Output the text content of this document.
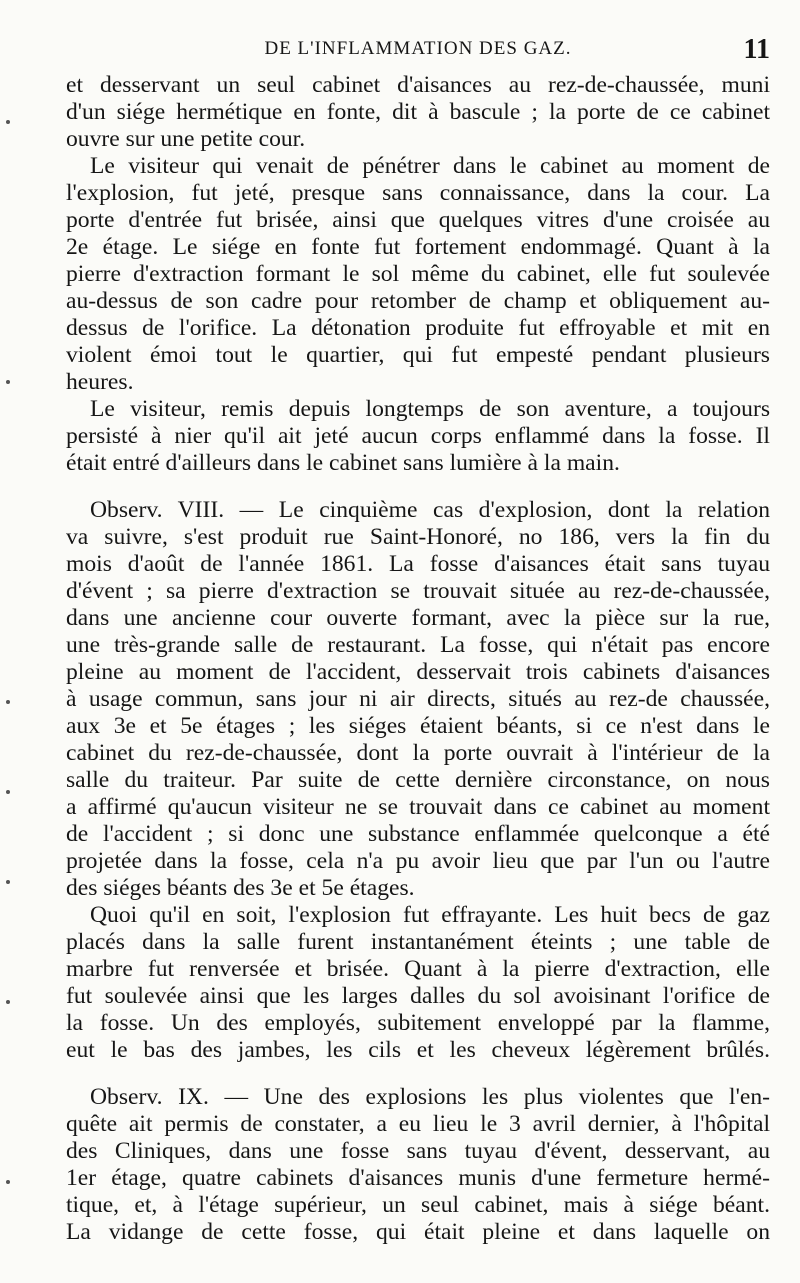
DE L'INFLAMMATION DES GAZ.	11
et desservant un seul cabinet d'aisances au rez-de-chaussée, muni
d'un siége hermétique en fonte, dit à bascule ; la porte de ce cabinet
ouvre sur une petite cour.
Le visiteur qui venait de pénétrer dans le cabinet au moment de
l'explosion, fut jeté, presque sans connaissance, dans la cour. La
porte d'entrée fut brisée, ainsi que quelques vitres d'une croisée au
2e étage. Le siége en fonte fut fortement endommagé. Quant à la
pierre d'extraction formant le sol même du cabinet, elle fut soulevée
au-dessus de son cadre pour retomber de champ et obliquement au-
dessus de l'orifice. La détonation produite fut effroyable et mit en
violent émoi tout le quartier, qui fut empesté pendant plusieurs
heures.
Le visiteur, remis depuis longtemps de son aventure, a toujours
persisté à nier qu'il ait jeté aucun corps enflammé dans la fosse. Il
était entré d'ailleurs dans le cabinet sans lumière à la main.
Observ. VIII. — Le cinquième cas d'explosion, dont la relation
va suivre, s'est produit rue Saint-Honoré, no 186, vers la fin du
mois d'août de l'année 1861. La fosse d'aisances était sans tuyau
d'évent ; sa pierre d'extraction se trouvait située au rez-de-chaussée,
dans une ancienne cour ouverte formant, avec la pièce sur la rue,
une très-grande salle de restaurant. La fosse, qui n'était pas encore
pleine au moment de l'accident, desservait trois cabinets d'aisances
à usage commun, sans jour ni air directs, situés au rez-de chaussée,
aux 3e et 5e étages ; les siéges étaient béants, si ce n'est dans le
cabinet du rez-de-chaussée, dont la porte ouvrait à l'intérieur de la
salle du traiteur. Par suite de cette dernière circonstance, on nous
a affirmé qu'aucun visiteur ne se trouvait dans ce cabinet au moment
de l'accident ; si donc une substance enflammée quelconque a été
projetée dans la fosse, cela n'a pu avoir lieu que par l'un ou l'autre
des siéges béants des 3e et 5e étages.
Quoi qu'il en soit, l'explosion fut effrayante. Les huit becs de gaz
placés dans la salle furent instantanément éteints ; une table de
marbre fut renversée et brisée. Quant à la pierre d'extraction, elle
fut soulevée ainsi que les larges dalles du sol avoisinant l'orifice de
la fosse. Un des employés, subitement enveloppé par la flamme,
eut le bas des jambes, les cils et les cheveux légèrement brûlés.
Observ. IX. — Une des explosions les plus violentes que l'en-
quête ait permis de constater, a eu lieu le 3 avril dernier, à l'hôpital
des Cliniques, dans une fosse sans tuyau d'évent, desservant, au
1er étage, quatre cabinets d'aisances munis d'une fermeture hermé-
tique, et, à l'étage supérieur, un seul cabinet, mais à siége béant.
La vidange de cette fosse, qui était pleine et dans laquelle on
